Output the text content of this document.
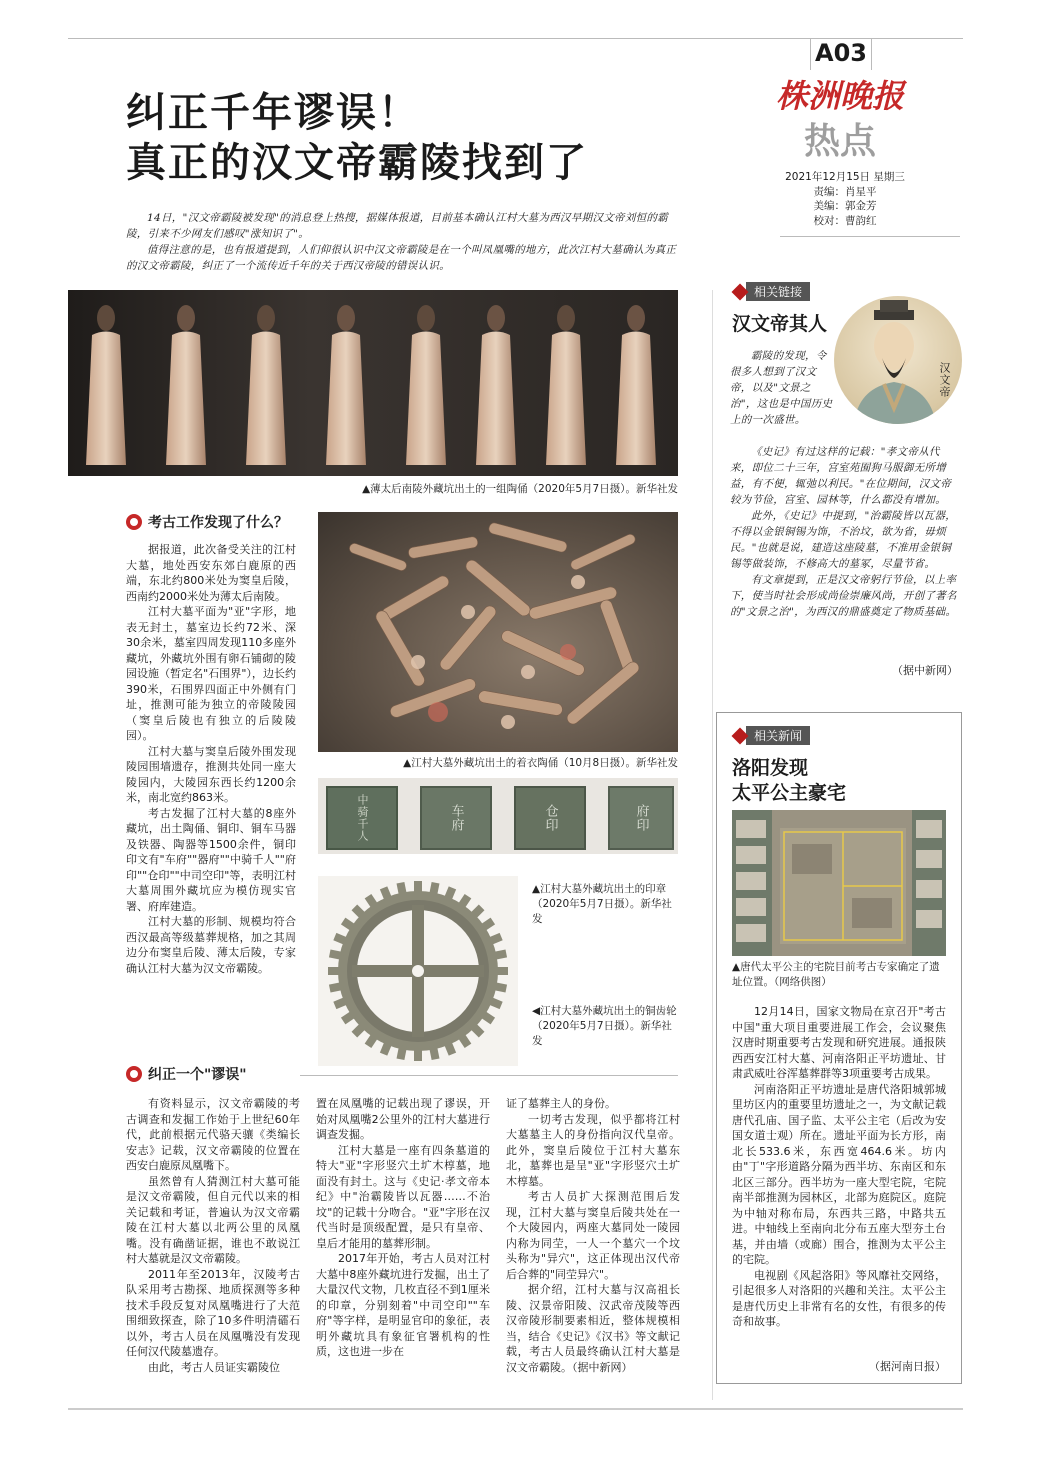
A03
株洲晚报
热点
2021年12月15日 星期三
责编：肖星平
美编：郭金芳
校对：曹韵红
纠正千年谬误！
真正的汉文帝霸陵找到了

14日，"汉文帝霸陵被发现"的消息登上热搜，据媒体报道，目前基本确认江村大墓为西汉早期汉文帝刘恒的霸陵，引来不少网友们感叹"涨知识了"。

值得注意的是，也有报道提到，人们仰很认识中汉文帝霸陵是在一个叫凤凰嘴的地方，此次江村大墓确认为真正的汉文帝霸陵，纠正了一个流传近千年的关于西汉帝陵的错误认识。

▲薄太后南陵外藏坑出土的一组陶俑（2020年5月7日摄）。新华社发
考古工作发现了什么？

据报道，此次备受关注的江村大墓，地处西安东郊白鹿原的西端，东北约800米处为窦皇后陵，西南约2000米处为薄太后南陵。

江村大墓平面为"亚"字形，地表无封土，墓室边长约72米、深30余米，墓室四周发现110多座外藏坑，外藏坑外围有卵石铺砌的陵园设施（暂定名"石围界"），边长约390米，石围界四面正中外侧有门址，推测可能为独立的帝陵陵园（窦皇后陵也有独立的后陵陵园）。

江村大墓与窦皇后陵外围发现陵园围墙遗存，推测共处同一座大陵园内，大陵园东西长约1200余米，南北宽约863米。

考古发掘了江村大墓的8座外藏坑，出土陶俑、铜印、铜车马器及铁器、陶器等1500余件，铜印印文有"车府""器府""中骑千人""府印""仓印""中司空印"等，表明江村大墓周围外藏坑应为模仿现实官署、府库建造。

江村大墓的形制、规模均符合西汉最高等级墓葬规格，加之其周边分布窦皇后陵、薄太后陵，专家确认江村大墓为汉文帝霸陵。

▲江村大墓外藏坑出土的着衣陶俑（10月8日摄）。新华社发
中骑千人	车府	仓印	府印
▲江村大墓外藏坑出土的印章（2020年5月7日摄）。新华社发
◀江村大墓外藏坑出土的铜齿轮（2020年5月7日摄）。新华社发
纠正一个"谬误"

有资料显示，汉文帝霸陵的考古调查和发掘工作始于上世纪60年代，此前根据元代骆天骧《类编长安志》记载，汉文帝霸陵的位置在西安白鹿原凤凰嘴下。

虽然曾有人猜测江村大墓可能是汉文帝霸陵，但自元代以来的相关记载和考证，普遍认为汉文帝霸陵在江村大墓以北两公里的凤凰嘴。没有确凿证据，谁也不敢说江村大墓就是汉文帝霸陵。

2011年至2013年，汉陵考古队采用考古勘探、地质探测等多种技术手段反复对凤凰嘴进行了大范围细致探查，除了10多件明清礌石以外，考古人员在凤凰嘴没有发现任何汉代陵墓遗存。

由此，考古人员证实霸陵位

置在凤凰嘴的记载出现了谬误，开始对凤凰嘴2公里外的江村大墓进行调查发掘。

江村大墓是一座有四条墓道的特大"亚"字形竖穴土圹木椁墓，地面没有封土。这与《史记·孝文帝本纪》中"治霸陵皆以瓦器……不治坟"的记载十分吻合。"亚"字形在汉代当时是顶级配置，是只有皇帝、皇后才能用的墓葬形制。

2017年开始，考古人员对江村大墓中8座外藏坑进行发掘，出土了大量汉代文物，几枚直径不到1厘米的印章，分别刻着"中司空印""车府"等字样，是明显官印的象征，表明外藏坑具有象征官署机构的性质，这也进一步在

证了墓葬主人的身份。

一切考古发现，似乎都将江村大墓墓主人的身份指向汉代皇帝。此外，窦皇后陵位于江村大墓东北，墓葬也是呈"亚"字形竖穴土圹木椁墓。

考古人员扩大探测范围后发现，江村大墓与窦皇后陵共处在一个大陵园内，两座大墓同处一陵园内称为同茔，一人一个墓穴一个坟头称为"异穴"，这正体现出汉代帝后合葬的"同茔异穴"。

据介绍，江村大墓与汉高祖长陵、汉景帝阳陵、汉武帝茂陵等西汉帝陵形制要素相近，整体规模相当，结合《史记》《汉书》等文献记载，考古人员最终确认江村大墓是汉文帝霸陵。（据中新网）

相关链接
汉文帝其人
汉文帝

霸陵的发现，令很多人想到了汉文帝，以及"文景之治"，这也是中国历史上的一次盛世。

《史记》有过这样的记载："孝文帝从代来，即位二十三年，宫室苑囿狗马服御无所增益，有不便，辄弛以利民。"在位期间，汉文帝较为节俭，宫室、园林等，什么都没有增加。

此外，《史记》中提到，"治霸陵皆以瓦器，不得以金银铜锡为饰，不治坟，欲为省，毋烦民。"也就是说，建造这座陵墓，不准用金银铜锡等做装饰，不修高大的墓冢，尽量节省。

有文章提到，正是汉文帝躬行节俭，以上率下，使当时社会形成尚俭崇廉风尚，开创了著名的"文景之治"，为西汉的鼎盛奠定了物质基础。

（据中新网）
相关新闻
洛阳发现
太平公主豪宅
▲唐代太平公主的宅院目前考古专家确定了遗址位置。（网络供图）

12月14日，国家文物局在京召开"考古中国"重大项目重要进展工作会，会议聚焦汉唐时期重要考古发现和研究进展。通报陕西西安江村大墓、河南洛阳正平坊遗址、甘肃武威吐谷浑墓葬群等3项重要考古成果。

河南洛阳正平坊遗址是唐代洛阳城郭城里坊区内的重要里坊遗址之一，为文献记载唐代孔庙、国子监、太平公主宅（后改为安国女道士观）所在。遗址平面为长方形，南北长533.6米，东西宽464.6米。坊内由"丁"字形道路分隔为西半坊、东南区和东北区三部分。西半坊为一座大型宅院，宅院南半部推测为园林区，北部为庭院区。庭院为中轴对称布局，东西共三路，中路共五进。中轴线上至南向北分布五座大型夯土台基，并由墙（或廊）围合，推测为太平公主的宅院。

电视剧《风起洛阳》等风靡社交网络，引起很多人对洛阳的兴趣和关注。太平公主是唐代历史上非常有名的女性，有很多的传奇和故事。

（据河南日报）
